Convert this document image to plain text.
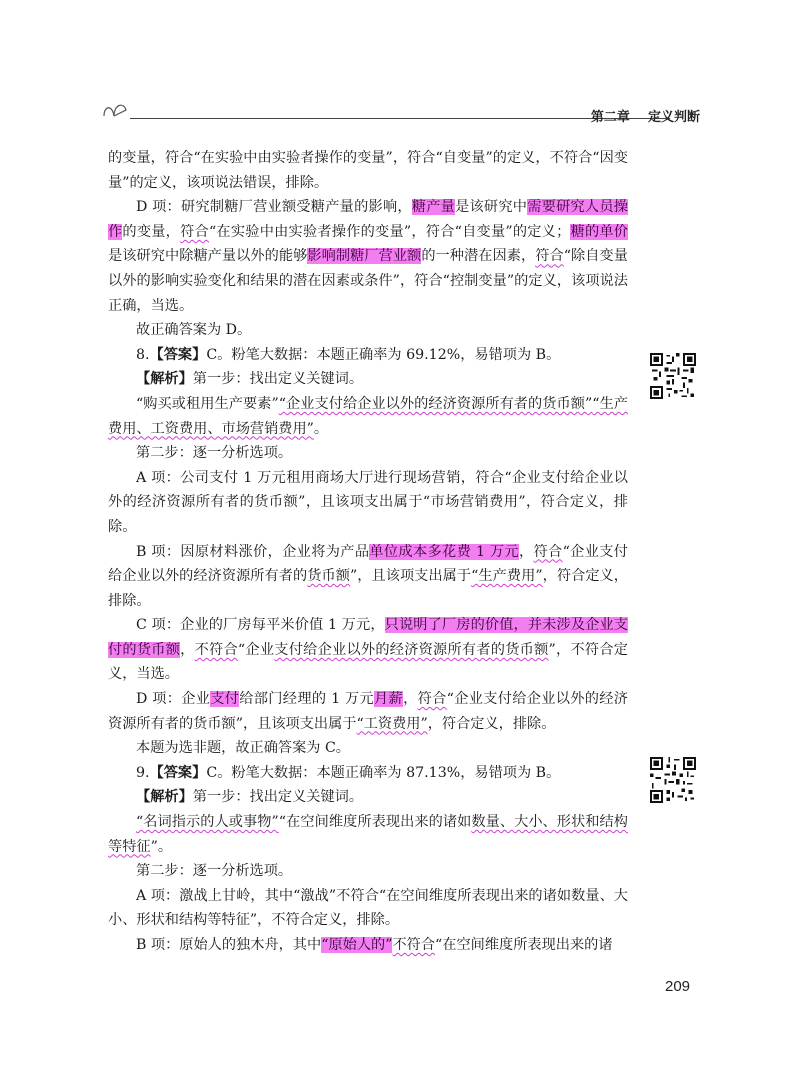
第二章 定义判断

的变量，符合“在实验中由实验者操作的变量”，符合“自变量”的定义，不符合“因变量”的定义，该项说法错误，排除。

D 项：研究制糖厂营业额受糖产量的影响，糖产量是该研究中需要研究人员操作的变量，符合“在实验中由实验者操作的变量”，符合“自变量”的定义；糖的单价是该研究中除糖产量以外的能够影响制糖厂营业额的一种潜在因素，符合“除自变量以外的影响实验变化和结果的潜在因素或条件”，符合“控制变量”的定义，该项说法正确，当选。

故正确答案为 D。

8.【答案】C。粉笔大数据：本题正确率为 69.12%，易错项为 B。

【解析】第一步：找出定义关键词。

“购买或租用生产要素”“企业支付给企业以外的经济资源所有者的货币额”“生产费用、工资费用、市场营销费用”。

第二步：逐一分析选项。

A 项：公司支付 1 万元租用商场大厅进行现场营销，符合“企业支付给企业以外的经济资源所有者的货币额”，且该项支出属于“市场营销费用”，符合定义，排除。

B 项：因原材料涨价，企业将为产品单位成本多花费 1 万元，符合“企业支付给企业以外的经济资源所有者的货币额”，且该项支出属于“生产费用”，符合定义，排除。

C 项：企业的厂房每平米价值 1 万元，只说明了厂房的价值，并未涉及企业支付的货币额，不符合“企业支付给企业以外的经济资源所有者的货币额”，不符合定义，当选。

D 项：企业支付给部门经理的 1 万元月薪，符合“企业支付给企业以外的经济资源所有者的货币额”，且该项支出属于“工资费用”，符合定义，排除。

本题为选非题，故正确答案为 C。

9.【答案】C。粉笔大数据：本题正确率为 87.13%，易错项为 B。

【解析】第一步：找出定义关键词。

“名词指示的人或事物”“在空间维度所表现出来的诸如数量、大小、形状和结构等特征”。

第二步：逐一分析选项。

A 项：激战上甘岭，其中“激战”不符合“在空间维度所表现出来的诸如数量、大小、形状和结构等特征”，不符合定义，排除。

B 项：原始人的独木舟，其中“原始人的”不符合“在空间维度所表现出来的诸

209
